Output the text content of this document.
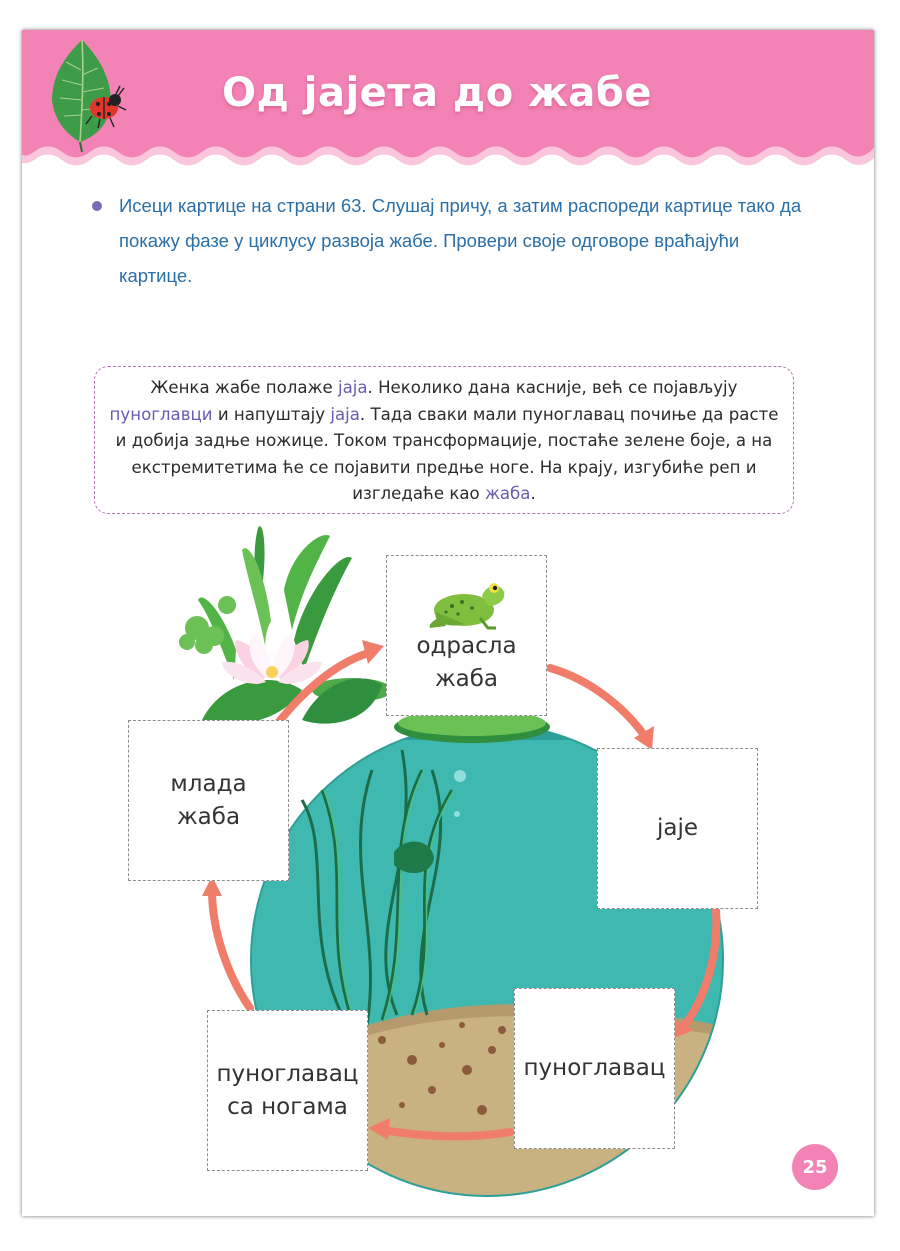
Од јајета до жабе
Исеци картице на страни 63. Слушај причу, а затим распореди картице тако да покажу фазе у циклусу развоја жабе. Провери своје одговоре враћајући картице.
Женка жабе полаже јаја. Неколико дана касније, већ се појављују пуноглавци и напуштају јаја. Тада сваки мали пуноглавац почиње да расте и добија задње ножице. Током трансформације, постаће зелене боје, а на екстремитетима ће се појавити предње ноге. На крају, изгубиће реп и изгледаће као жаба.
одрасла
жаба
јаје
пуноглавац
пуноглавац
са ногама
млада
жаба
25
